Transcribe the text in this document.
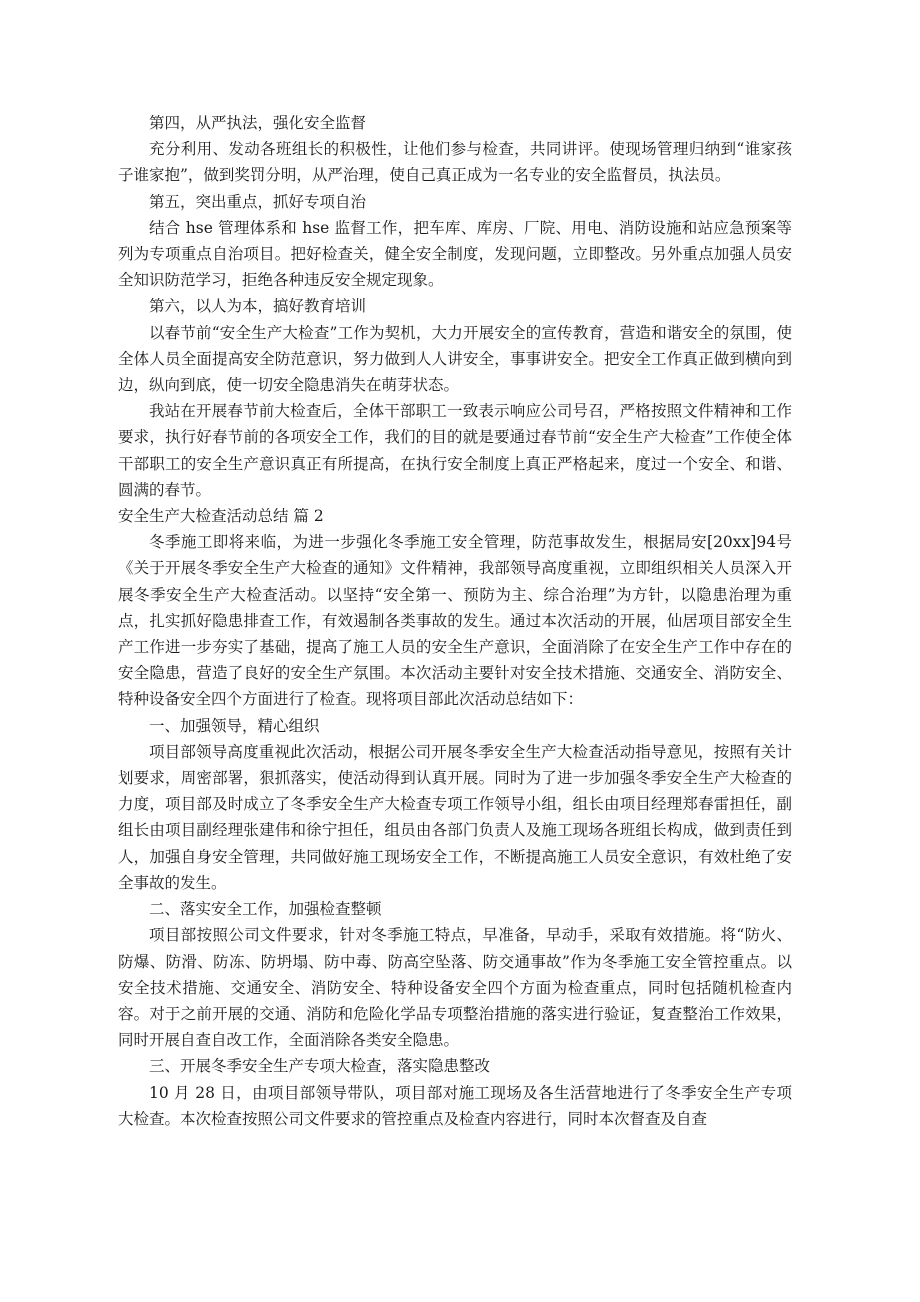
第四，从严执法，强化安全监督

充分利用、发动各班组长的积极性，让他们参与检查，共同讲评。使现场管理归纳到“谁家孩子谁家抱”，做到奖罚分明，从严治理，使自己真正成为一名专业的安全监督员，执法员。

第五，突出重点，抓好专项自治

结合 hse 管理体系和 hse 监督工作，把车库、库房、厂院、用电、消防设施和站应急预案等列为专项重点自治项目。把好检查关，健全安全制度，发现问题，立即整改。另外重点加强人员安全知识防范学习，拒绝各种违反安全规定现象。

第六，以人为本，搞好教育培训

以春节前“安全生产大检查”工作为契机，大力开展安全的宣传教育，营造和谐安全的氛围，使全体人员全面提高安全防范意识，努力做到人人讲安全，事事讲安全。把安全工作真正做到横向到边，纵向到底，使一切安全隐患消失在萌芽状态。

我站在开展春节前大检查后，全体干部职工一致表示响应公司号召，严格按照文件精神和工作要求，执行好春节前的各项安全工作，我们的目的就是要通过春节前“安全生产大检查”工作使全体干部职工的安全生产意识真正有所提高，在执行安全制度上真正严格起来，度过一个安全、和谐、圆满的春节。

安全生产大检查活动总结 篇 2

冬季施工即将来临，为进一步强化冬季施工安全管理，防范事故发生，根据局安[20xx]94号《关于开展冬季安全生产大检查的通知》文件精神，我部领导高度重视，立即组织相关人员深入开展冬季安全生产大检查活动。以坚持“安全第一、预防为主、综合治理”为方针，以隐患治理为重点，扎实抓好隐患排查工作，有效遏制各类事故的发生。通过本次活动的开展，仙居项目部安全生产工作进一步夯实了基础，提高了施工人员的安全生产意识，全面消除了在安全生产工作中存在的安全隐患，营造了良好的安全生产氛围。本次活动主要针对安全技术措施、交通安全、消防安全、特种设备安全四个方面进行了检查。现将项目部此次活动总结如下：

一、加强领导，精心组织

项目部领导高度重视此次活动，根据公司开展冬季安全生产大检查活动指导意见，按照有关计划要求，周密部署，狠抓落实，使活动得到认真开展。同时为了进一步加强冬季安全生产大检查的力度，项目部及时成立了冬季安全生产大检查专项工作领导小组，组长由项目经理郑春雷担任，副组长由项目副经理张建伟和徐宁担任，组员由各部门负责人及施工现场各班组长构成，做到责任到人，加强自身安全管理，共同做好施工现场安全工作，不断提高施工人员安全意识，有效杜绝了安全事故的发生。

二、落实安全工作，加强检查整顿

项目部按照公司文件要求，针对冬季施工特点，早准备，早动手，采取有效措施。将“防火、防爆、防滑、防冻、防坍塌、防中毒、防高空坠落、防交通事故”作为冬季施工安全管控重点。以安全技术措施、交通安全、消防安全、特种设备安全四个方面为检查重点，同时包括随机检查内容。对于之前开展的交通、消防和危险化学品专项整治措施的落实进行验证，复查整治工作效果，同时开展自查自改工作，全面消除各类安全隐患。

三、开展冬季安全生产专项大检查，落实隐患整改

10 月 28 日，由项目部领导带队，项目部对施工现场及各生活营地进行了冬季安全生产专项大检查。本次检查按照公司文件要求的管控重点及检查内容进行，同时本次督查及自查
